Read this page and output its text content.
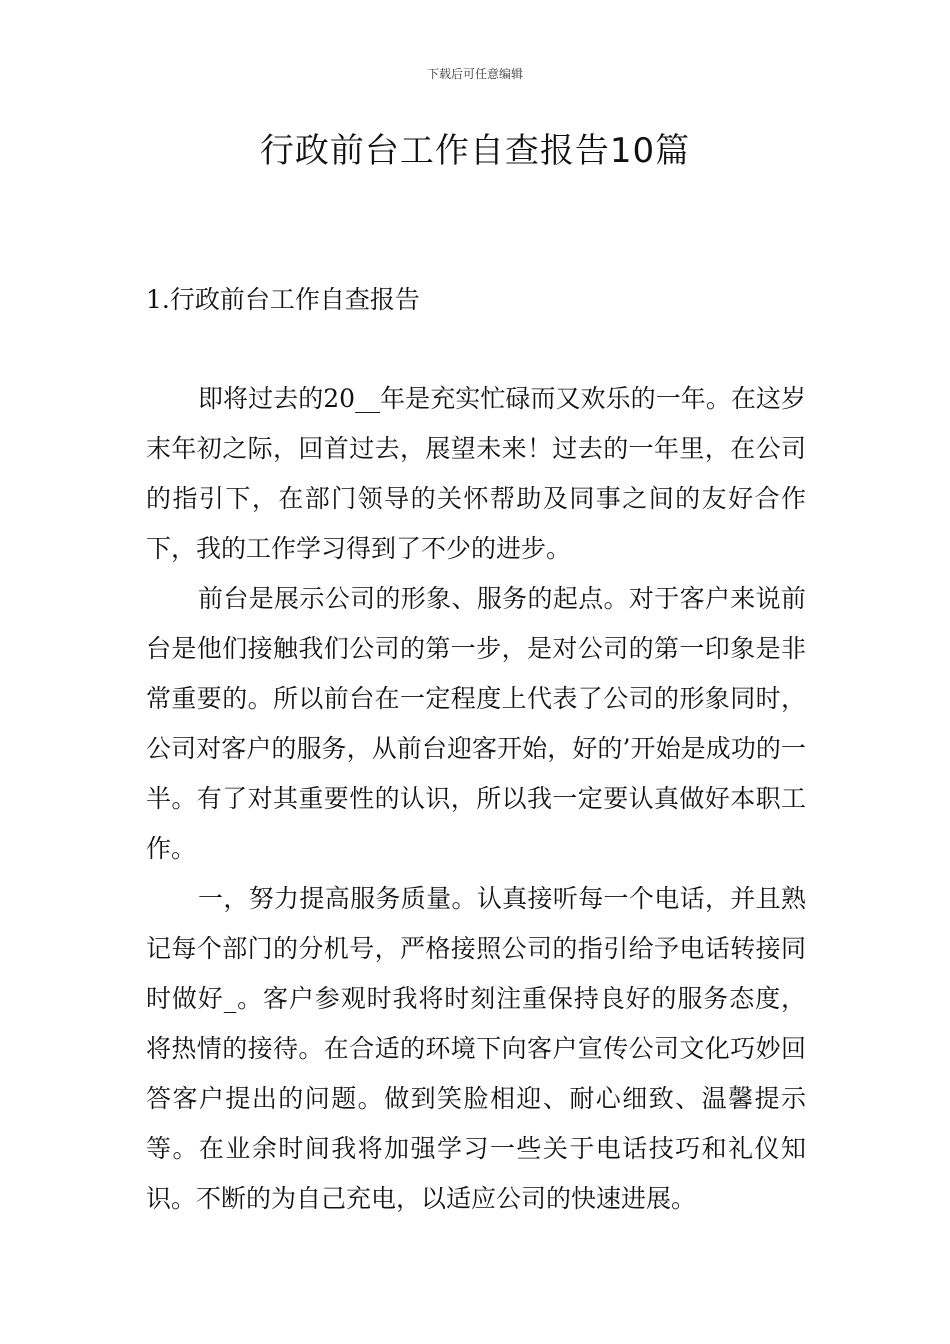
下载后可任意编辑
行政前台工作自查报告10篇
1.行政前台工作自查报告

即将过去的20__年是充实忙碌而又欢乐的一年。在这岁末年初之际，回首过去，展望未来！过去的一年里，在公司的指引下，在部门领导的关怀帮助及同事之间的友好合作下，我的工作学习得到了不少的进步。

前台是展示公司的形象、服务的起点。对于客户来说前台是他们接触我们公司的第一步，是对公司的第一印象是非常重要的。所以前台在一定程度上代表了公司的形象同时，公司对客户的服务，从前台迎客开始，好的’开始是成功的一半。有了对其重要性的认识，所以我一定要认真做好本职工作。

一，努力提高服务质量。认真接听每一个电话，并且熟记每个部门的分机号，严格接照公司的指引给予电话转接同时做好_。客户参观时我将时刻注重保持良好的服务态度，将热情的接待。在合适的环境下向客户宣传公司文化巧妙回答客户提出的问题。做到笑脸相迎、耐心细致、温馨提示等。在业余时间我将加强学习一些关于电话技巧和礼仪知识。不断的为自己充电，以适应公司的快速进展。
